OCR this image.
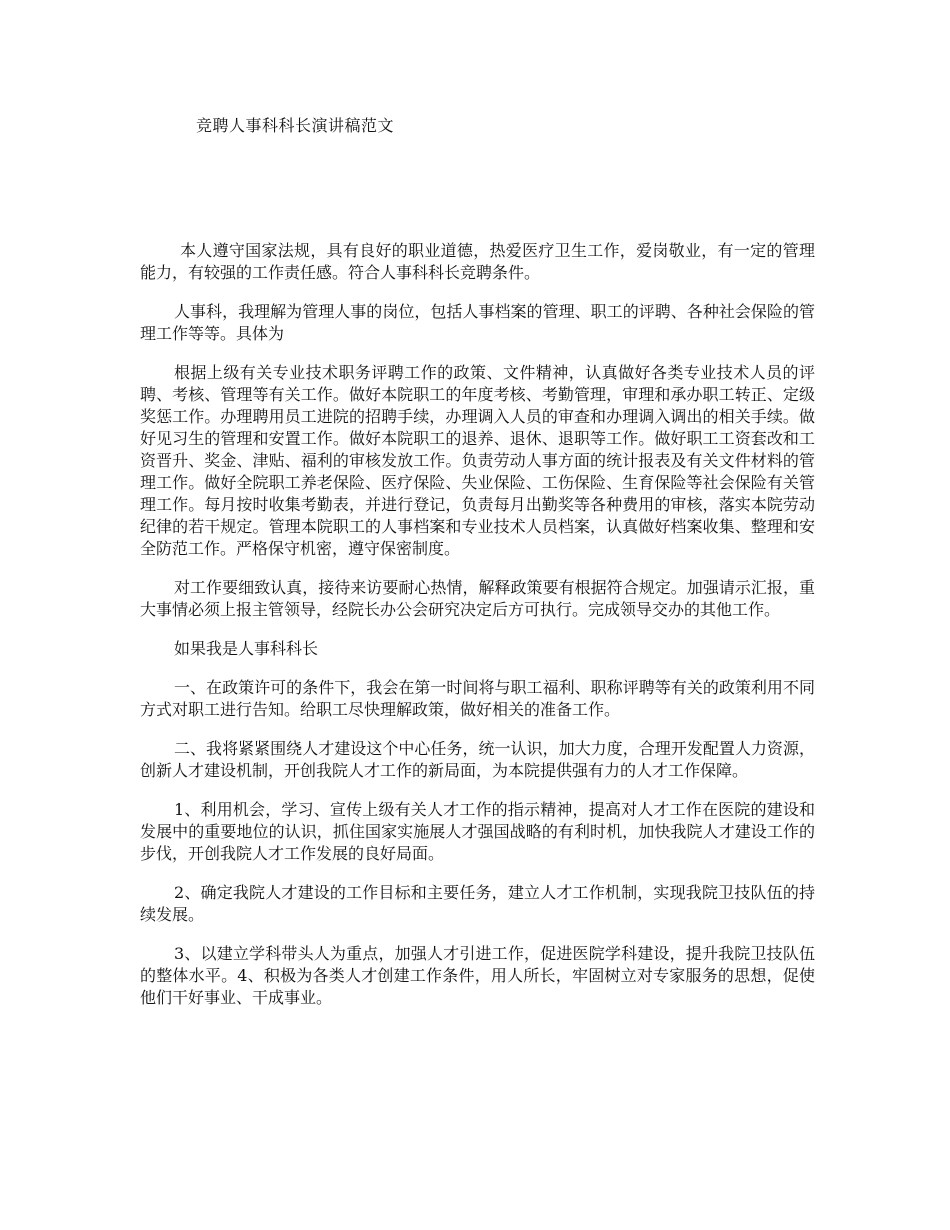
竞聘人事科科长演讲稿范文

本人遵守国家法规，具有良好的职业道德，热爱医疗卫生工作，爱岗敬业，有一定的管理能力，有较强的工作责任感。符合人事科科长竞聘条件。

人事科，我理解为管理人事的岗位，包括人事档案的管理、职工的评聘、各种社会保险的管理工作等等。具体为

根据上级有关专业技术职务评聘工作的政策、文件精神，认真做好各类专业技术人员的评聘、考核、管理等有关工作。做好本院职工的年度考核、考勤管理，审理和承办职工转正、定级奖惩工作。办理聘用员工进院的招聘手续，办理调入人员的审查和办理调入调出的相关手续。做好见习生的管理和安置工作。做好本院职工的退养、退休、退职等工作。做好职工工资套改和工资晋升、奖金、津贴、福利的审核发放工作。负责劳动人事方面的统计报表及有关文件材料的管理工作。做好全院职工养老保险、医疗保险、失业保险、工伤保险、生育保险等社会保险有关管理工作。每月按时收集考勤表，并进行登记，负责每月出勤奖等各种费用的审核，落实本院劳动纪律的若干规定。管理本院职工的人事档案和专业技术人员档案，认真做好档案收集、整理和安全防范工作。严格保守机密，遵守保密制度。

对工作要细致认真，接待来访要耐心热情，解释政策要有根据符合规定。加强请示汇报，重大事情必须上报主管领导，经院长办公会研究决定后方可执行。完成领导交办的其他工作。

如果我是人事科科长

一、在政策许可的条件下，我会在第一时间将与职工福利、职称评聘等有关的政策利用不同方式对职工进行告知。给职工尽快理解政策，做好相关的准备工作。

二、我将紧紧围绕人才建设这个中心任务，统一认识，加大力度，合理开发配置人力资源，创新人才建设机制，开创我院人才工作的新局面，为本院提供强有力的人才工作保障。

1、利用机会，学习、宣传上级有关人才工作的指示精神，提高对人才工作在医院的建设和发展中的重要地位的认识，抓住国家实施展人才强国战略的有利时机，加快我院人才建设工作的步伐，开创我院人才工作发展的良好局面。

2、确定我院人才建设的工作目标和主要任务，建立人才工作机制，实现我院卫技队伍的持续发展。

3、以建立学科带头人为重点，加强人才引进工作，促进医院学科建设，提升我院卫技队伍的整体水平。4、积极为各类人才创建工作条件，用人所长，牢固树立对专家服务的思想，促使他们干好事业、干成事业。
